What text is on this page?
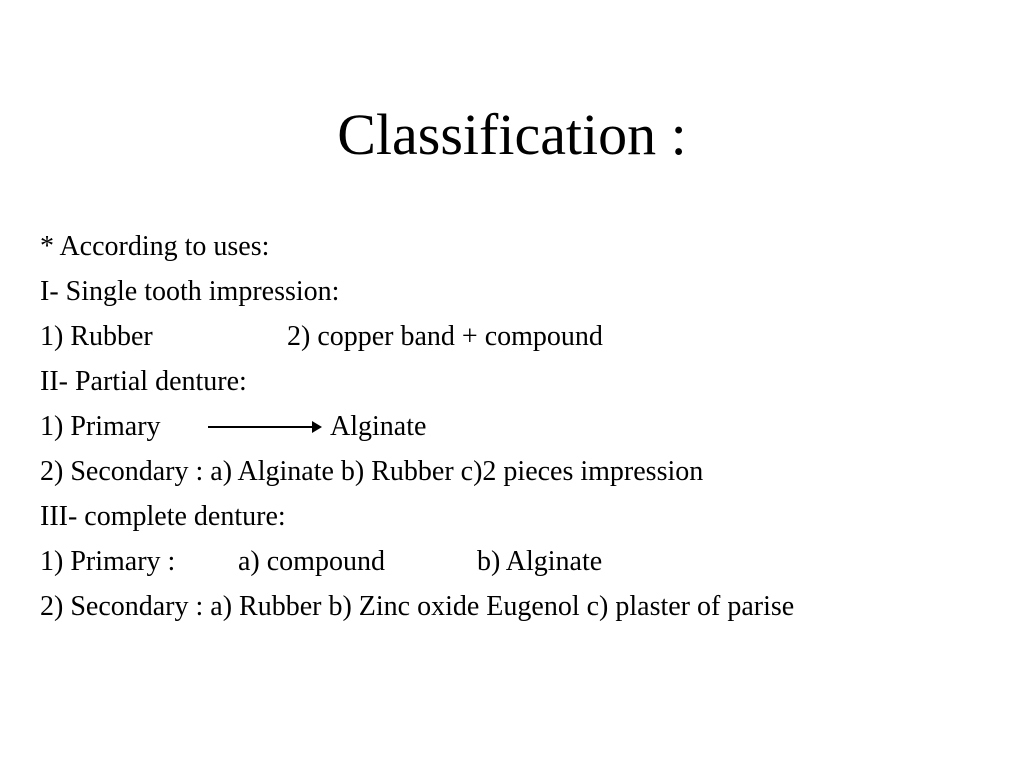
Classification :
* According to uses:
I- Single tooth impression:
1) Rubber	2) copper band + compound
II- Partial denture:
1) Primary	Alginate
2) Secondary : a) Alginate b) Rubber c)2 pieces impression
III- complete denture:
1) Primary : a) compound	b) Alginate
2) Secondary : a) Rubber b) Zinc oxide Eugenol c) plaster of parise
